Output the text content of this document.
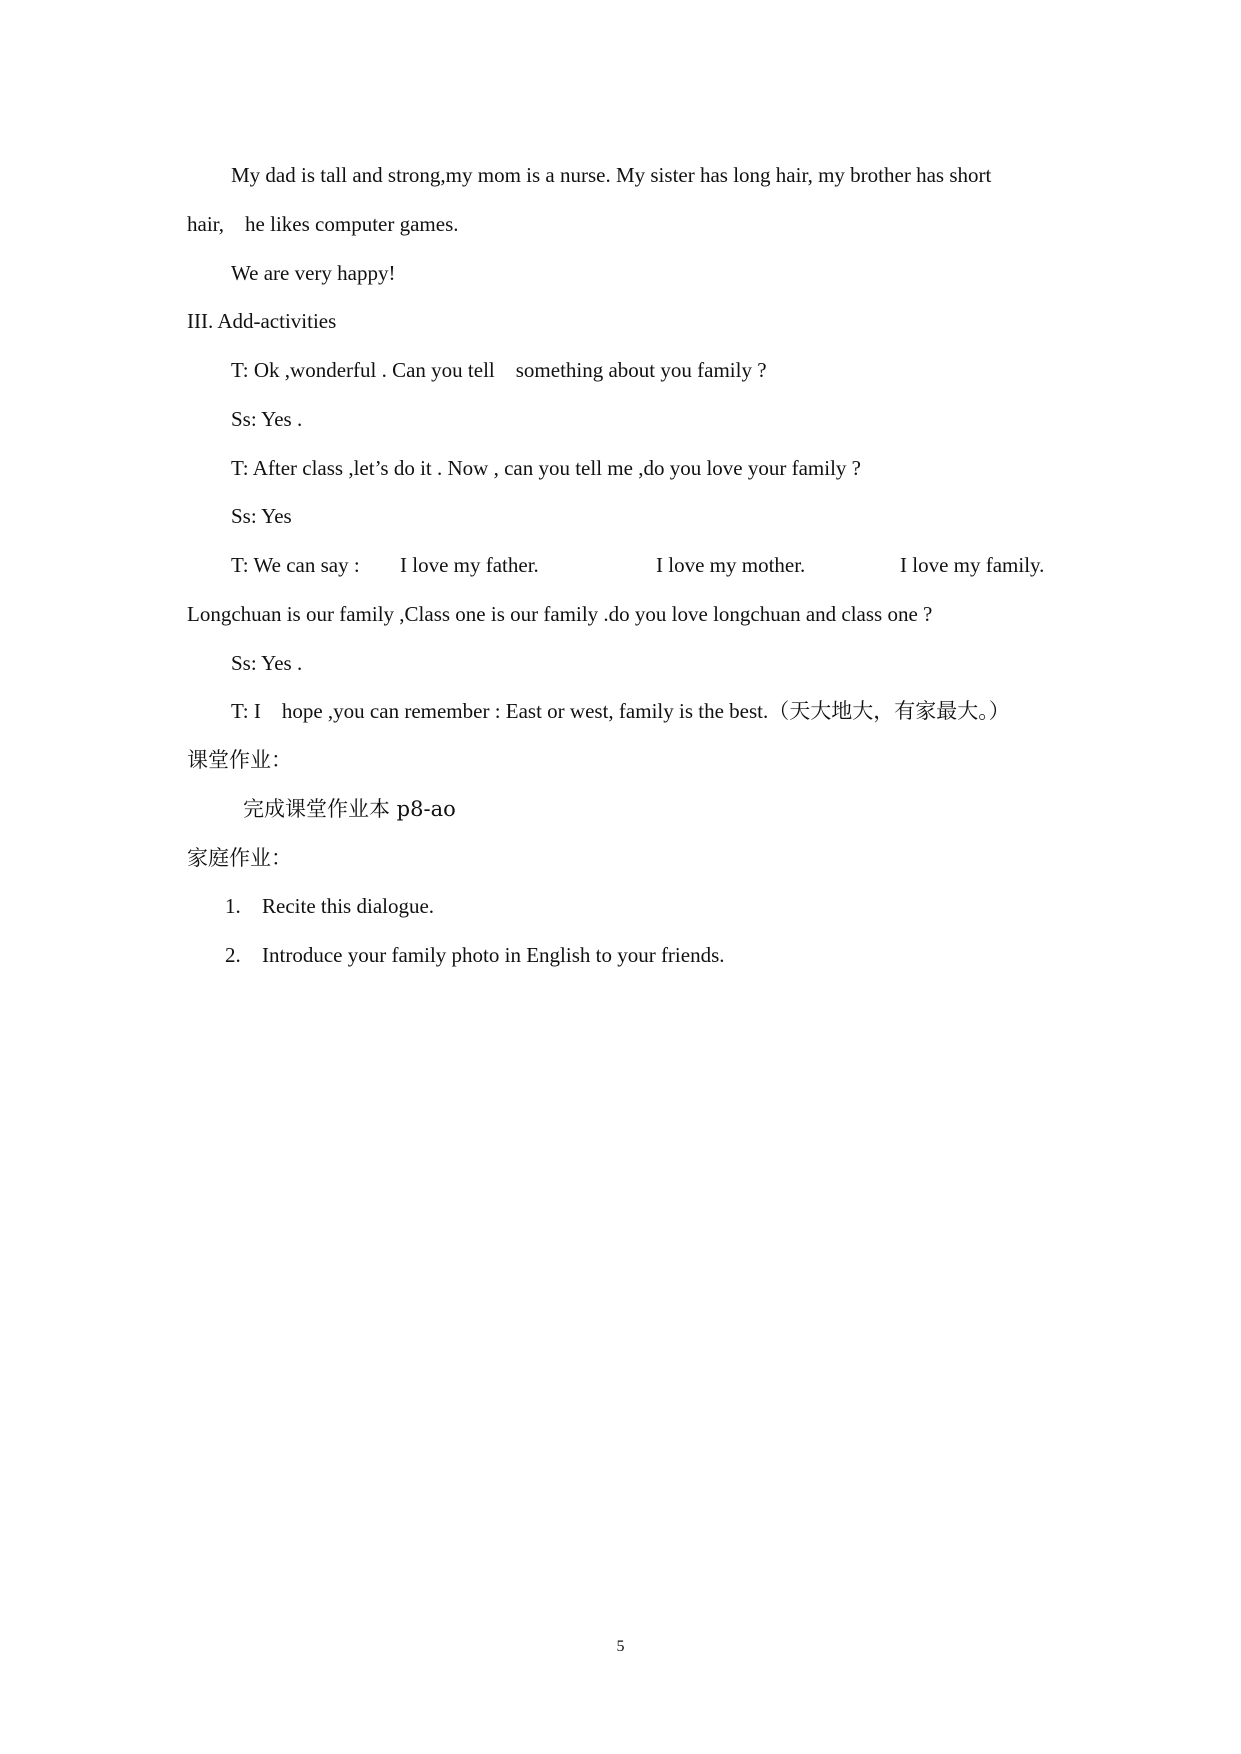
My dad is tall and strong,my mom is a nurse. My sister has long hair, my brother has short
hair,    he likes computer games.
We are very happy!
III. Add-activities
T: Ok ,wonderful . Can you tell    something about you family ?
Ss: Yes .
T: After class ,let’s do it . Now , can you tell me ,do you love your family ?
Ss: Yes
T: We can say : I love my father.	I love my mother.	I love my family.
Longchuan is our family ,Class one is our family .do you love longchuan and class one ?
Ss: Yes .
T: I    hope ,you can remember : East or west, family is the best.（天大地大，有家最大。）
课堂作业：
完成课堂作业本 p8-ao
家庭作业：
1. Recite this dialogue.
2. Introduce your family photo in English to your friends.
5
